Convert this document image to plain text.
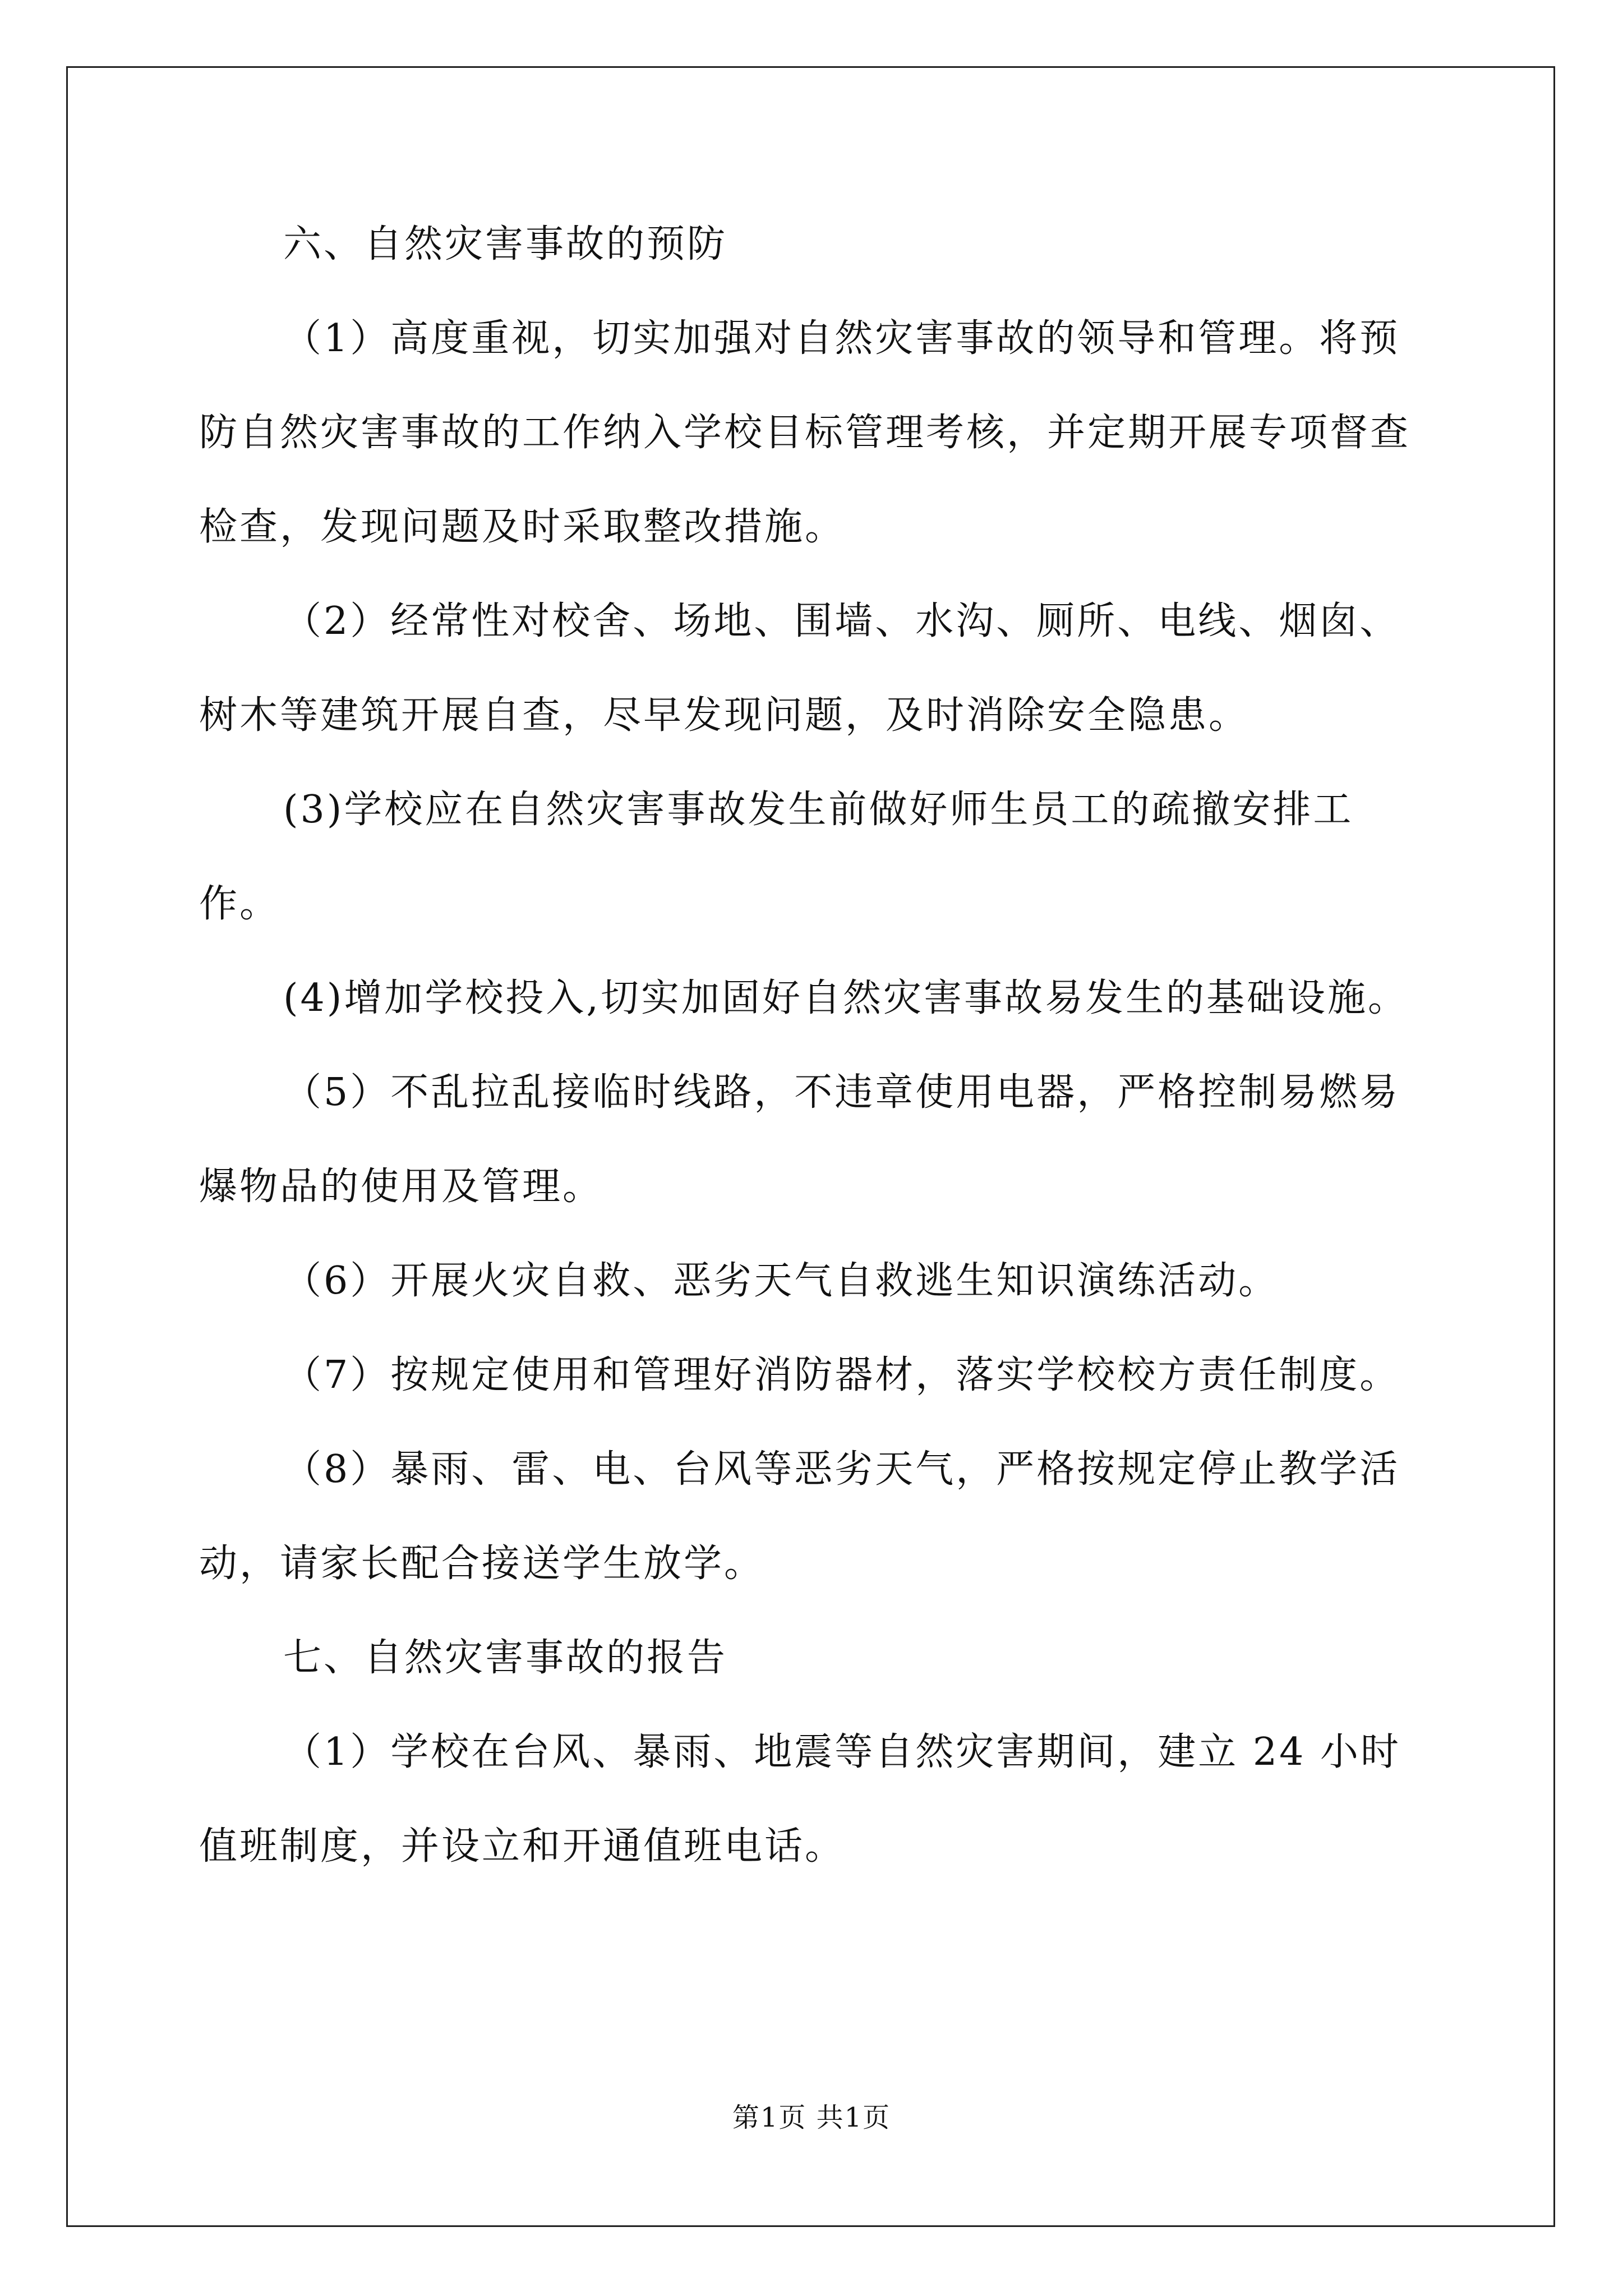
六、自然灾害事故的预防

（1）高度重视，切实加强对自然灾害事故的领导和管理。将预防自然灾害事故的工作纳入学校目标管理考核，并定期开展专项督查检查，发现问题及时采取整改措施。

（2）经常性对校舍、场地、围墙、水沟、厕所、电线、烟囱、树木等建筑开展自查，尽早发现问题，及时消除安全隐患。

(3)学校应在自然灾害事故发生前做好师生员工的疏撤安排工作。

(4)增加学校投入,切实加固好自然灾害事故易发生的基础设施。

（5）不乱拉乱接临时线路，不违章使用电器，严格控制易燃易爆物品的使用及管理。

（6）开展火灾自救、恶劣天气自救逃生知识演练活动。

（7）按规定使用和管理好消防器材，落实学校校方责任制度。

（8）暴雨、雷、电、台风等恶劣天气，严格按规定停止教学活动，请家长配合接送学生放学。

七、自然灾害事故的报告

（1）学校在台风、暴雨、地震等自然灾害期间，建立 24 小时值班制度，并设立和开通值班电话。

第1页 共1页
